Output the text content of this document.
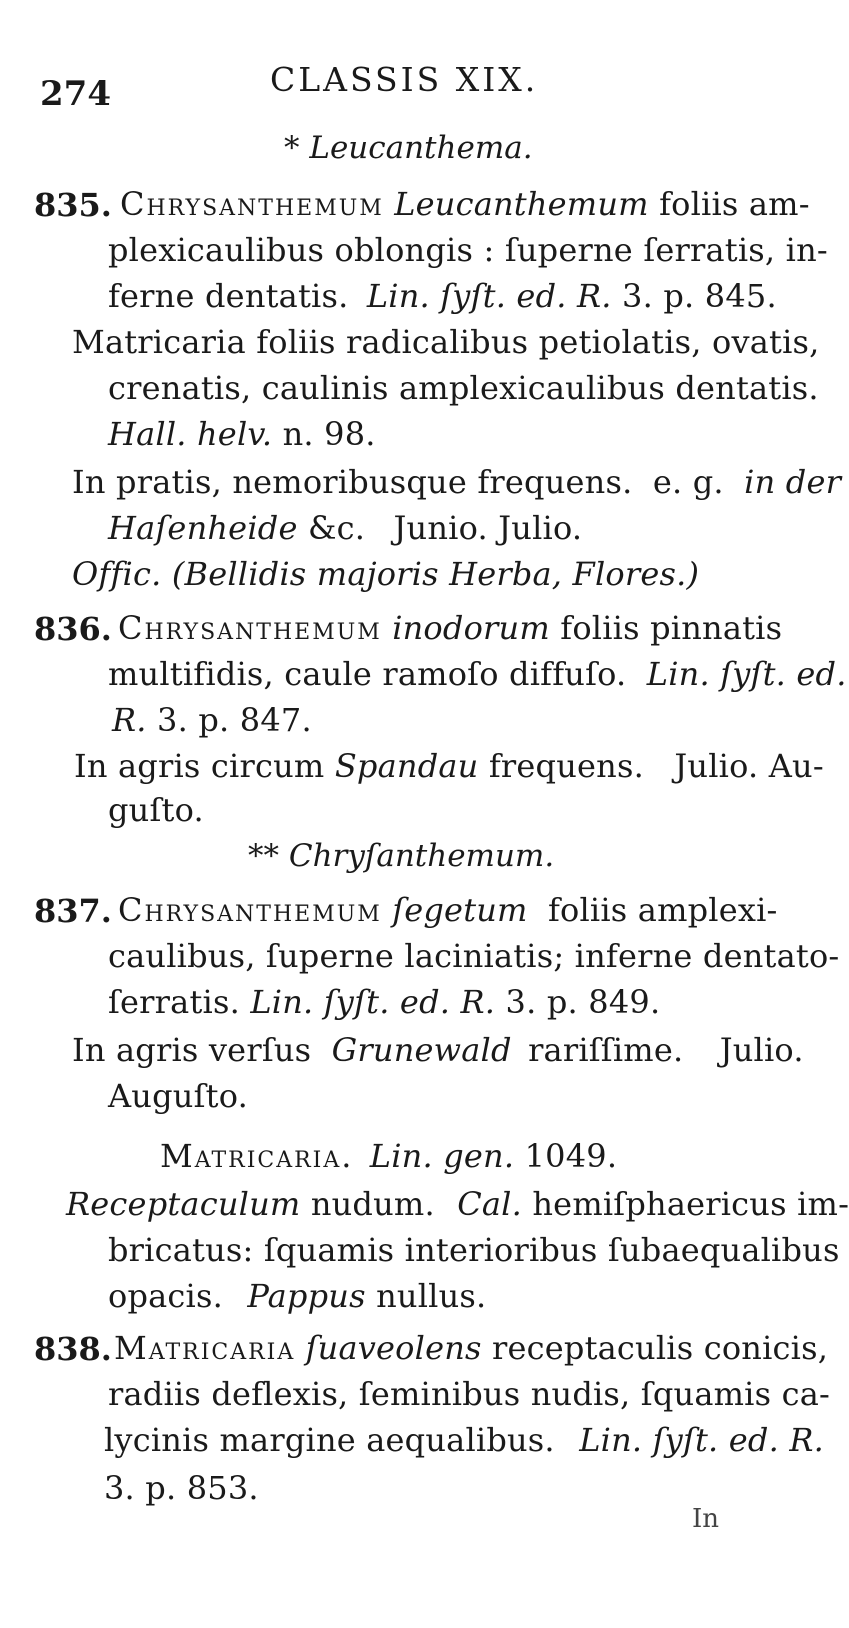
274	CLASSIS XIX.
* Leucanthema.
835. Chrysanthemum Leucanthemum foliis am-
plexicaulibus oblongis : ſuperne ſerratis, in-
ferne dentatis. Lin. ſyſt. ed. R. 3. p. 845.
Matricaria foliis radicalibus petiolatis, ovatis,
crenatis, caulinis amplexicaulibus dentatis.
Hall. helv. n. 98.
In pratis, nemoribusque frequens. e. g. in der
Haſenheide &c. Junio. Julio.
Offic. (Bellidis majoris Herba, Flores.)
836. Chrysanthemum inodorum foliis pinnatis
multifidis, caule ramoſo diffuſo. Lin. ſyſt. ed.
R. 3. p. 847.
In agris circum Spandau frequens. Julio. Au-
guſto.
** Chryſanthemum.
837. Chrysanthemum ſegetum foliis amplexi-
caulibus, ſuperne laciniatis; inferne dentato-
ſerratis. Lin. ſyſt. ed. R. 3. p. 849.
In agris verſus Grunewald rariſſime. Julio.
Auguſto.
Matricaria. Lin. gen. 1049.
Receptaculum nudum. Cal. hemiſphaericus im-
bricatus: ſquamis interioribus ſubaequalibus
opacis. Pappus nullus.
838. Matricaria ſuaveolens receptaculis conicis,
radiis deflexis, ſeminibus nudis, ſquamis ca-
lycinis margine aequalibus. Lin. ſyſt. ed. R.
3. p. 853.
In
